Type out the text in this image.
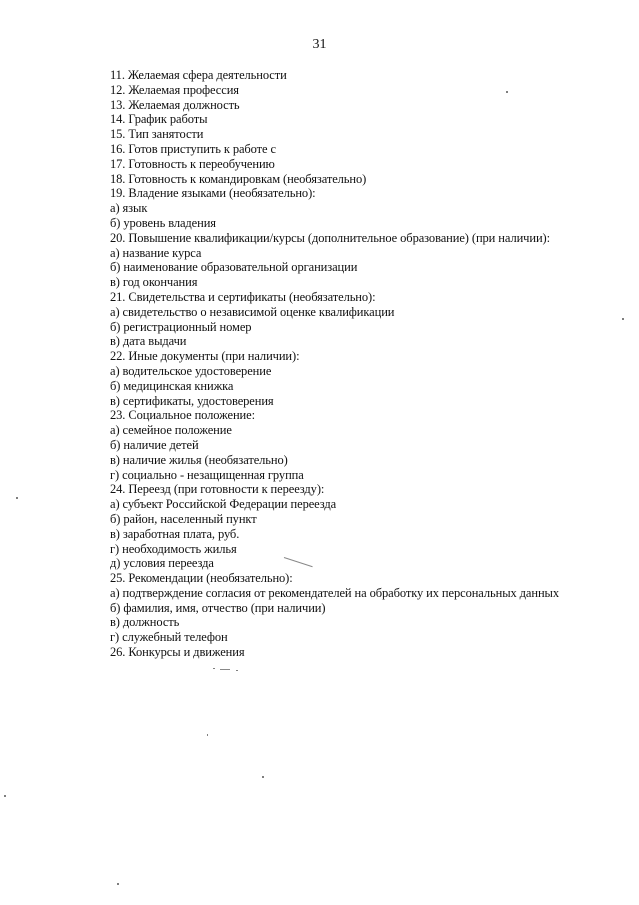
31
11. Желаемая сфера деятельности
12. Желаемая профессия
13. Желаемая должность
14. График работы
15. Тип занятости
16. Готов приступить к работе с
17. Готовность к переобучению
18. Готовность к командировкам (необязательно)
19. Владение языками (необязательно):
а) язык
б) уровень владения
20. Повышение квалификации/курсы (дополнительное образование) (при наличии):
а) название курса
б) наименование образовательной организации
в) год окончания
21. Свидетельства и сертификаты (необязательно):
а) свидетельство о независимой оценке квалификации
б) регистрационный номер
в) дата выдачи
22. Иные документы (при наличии):
а) водительское удостоверение
б) медицинская книжка
в) сертификаты, удостоверения
23. Социальное положение:
а) семейное положение
б) наличие детей
в) наличие жилья (необязательно)
г) социально - незащищенная группа
24. Переезд (при готовности к переезду):
а) субъект Российской Федерации переезда
б) район, населенный пункт
в) заработная плата, руб.
г) необходимость жилья
д) условия переезда
25. Рекомендации (необязательно):
а) подтверждение согласия от рекомендателей на обработку их персональных данных
б) фамилия, имя, отчество (при наличии)
в) должность
г) служебный телефон
26. Конкурсы и движения
